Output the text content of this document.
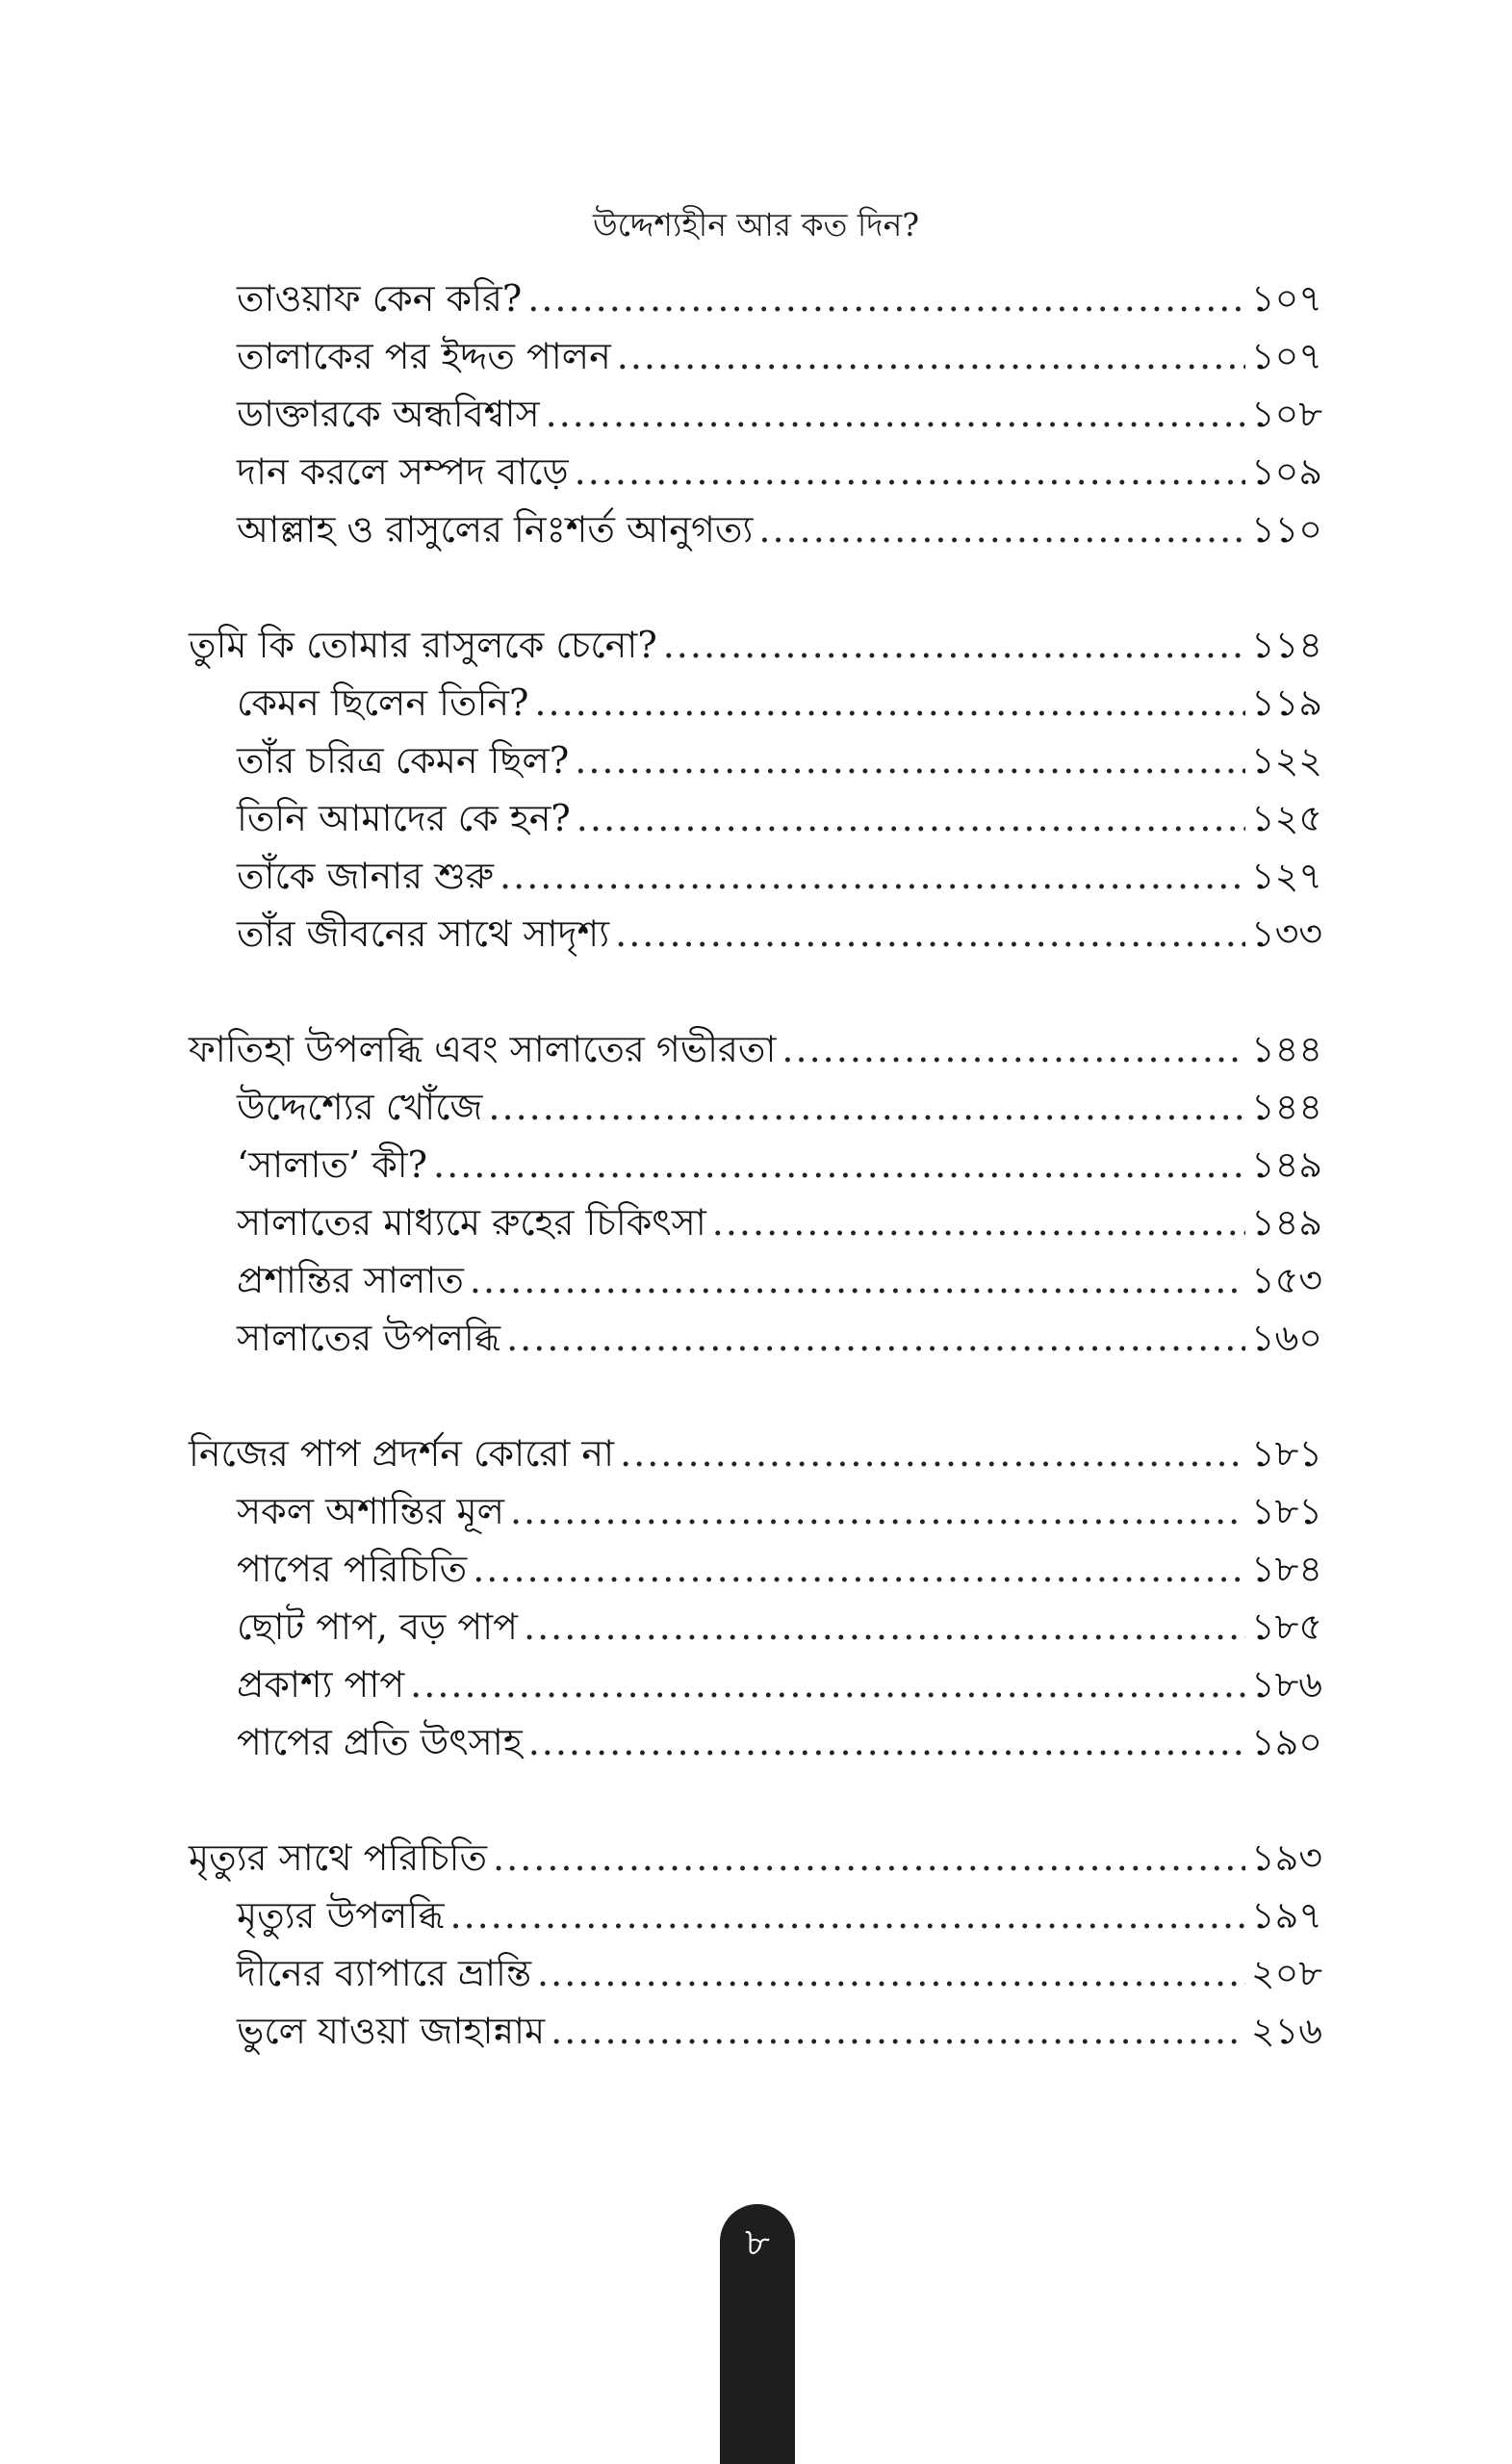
উদ্দেশ্যহীন আর কত দিন?
তাওয়াফ কেন করি? .....	১০৭
তালাকের পর ইদ্দত পালন .....	১০৭
ডাক্তারকে অন্ধবিশ্বাস .....	১০৮
দান করলে সম্পদ বাড়ে .....	১০৯
আল্লাহ ও রাসুলের নিঃশর্ত আনুগত্য .....	১১০
তুমি কি তোমার রাসুলকে চেনো? .....	১১৪
কেমন ছিলেন তিনি? .....	১১৯
তাঁর চরিত্র কেমন ছিল? .....	১২২
তিনি আমাদের কে হন? .....	১২৫
তাঁকে জানার শুরু .....	১২৭
তাঁর জীবনের সাথে সাদৃশ্য .....	১৩৩
ফাতিহা উপলব্ধি এবং সালাতের গভীরতা .....	১৪৪
উদ্দেশ্যের খোঁজে .....	১৪৪
‘সালাত’ কী? .....	১৪৯
সালাতের মাধ্যমে রুহের চিকিৎসা .....	১৪৯
প্রশান্তির সালাত .....	১৫৩
সালাতের উপলব্ধি .....	১৬০
নিজের পাপ প্রদর্শন কোরো না .....	১৮১
সকল অশান্তির মূল .....	১৮১
পাপের পরিচিতি .....	১৮৪
ছোট পাপ, বড় পাপ .....	১৮৫
প্রকাশ্য পাপ .....	১৮৬
পাপের প্রতি উৎসাহ .....	১৯০
মৃত্যুর সাথে পরিচিতি .....	১৯৩
মৃত্যুর উপলব্ধি .....	১৯৭
দীনের ব্যাপারে ভ্রান্তি .....	২০৮
ভুলে যাওয়া জাহান্নাম .....	২১৬
৮
